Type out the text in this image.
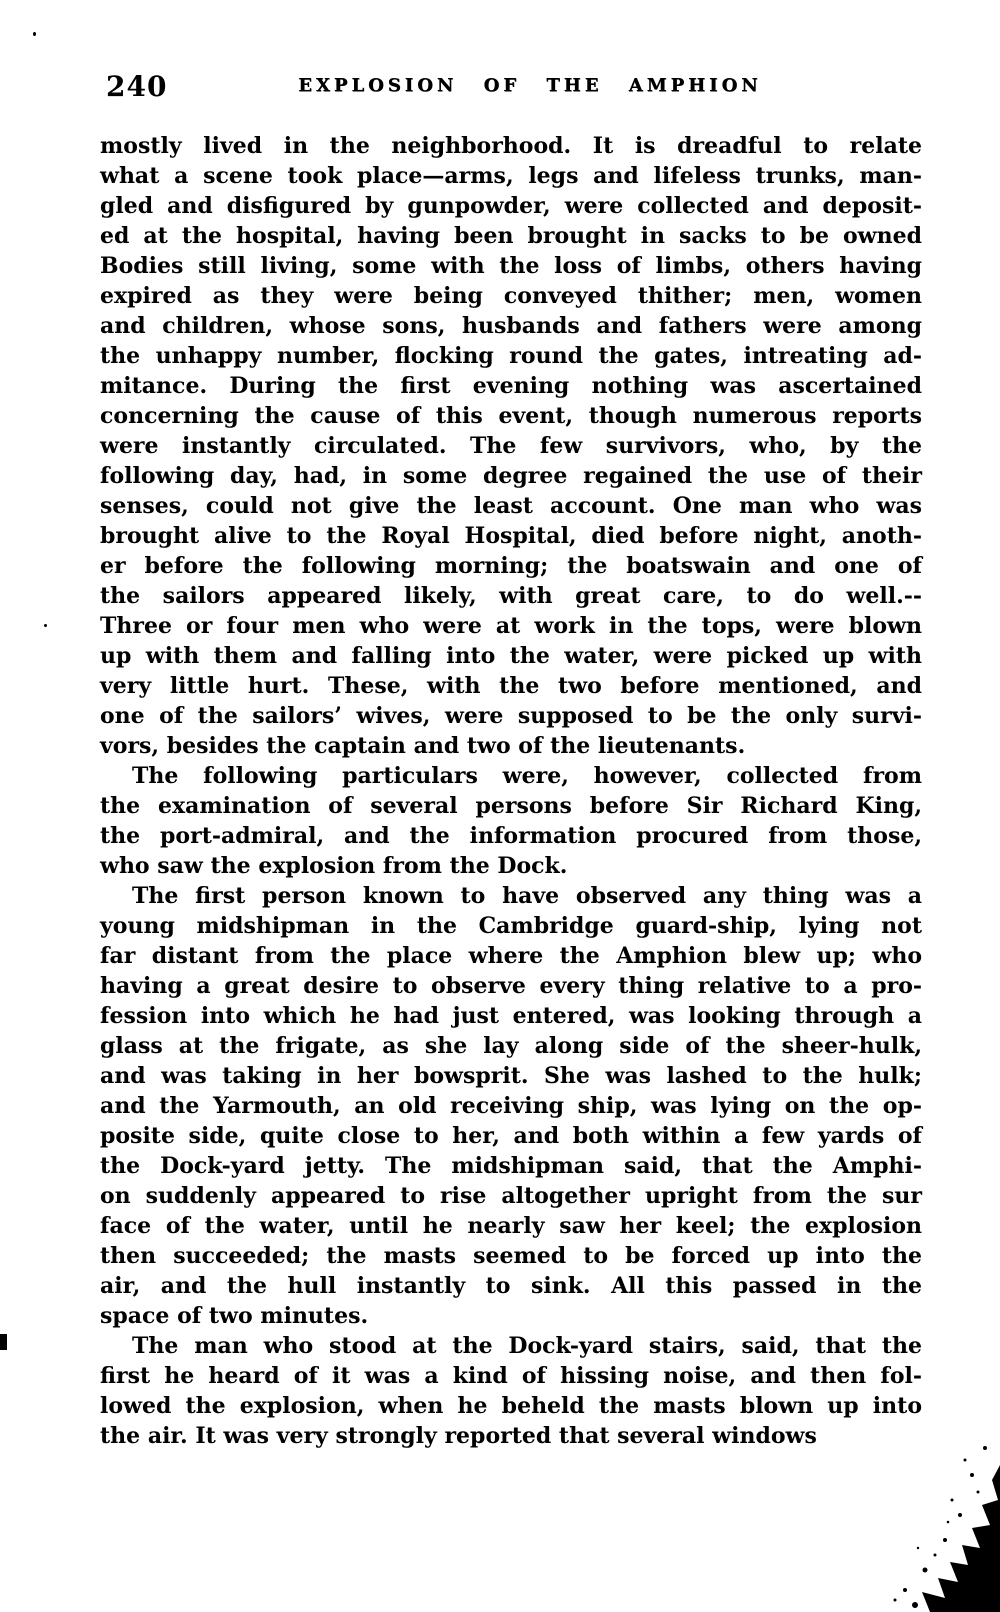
240	EXPLOSION OF THE AMPHION
mostly lived in the neighborhood. It is dreadful to relate
what a scene took place—arms, legs and lifeless trunks, man-
gled and disfigured by gunpowder, were collected and deposit-
ed at the hospital, having been brought in sacks to be owned
Bodies still living, some with the loss of limbs, others having
expired as they were being conveyed thither; men, women
and children, whose sons, husbands and fathers were among
the unhappy number, flocking round the gates, intreating ad-
mitance. During the first evening nothing was ascertained
concerning the cause of this event, though numerous reports
were instantly circulated. The few survivors, who, by the
following day, had, in some degree regained the use of their
senses, could not give the least account. One man who was
brought alive to the Royal Hospital, died before night, anoth-
er before the following morning; the boatswain and one of
the sailors appeared likely, with great care, to do well.--
Three or four men who were at work in the tops, were blown
up with them and falling into the water, were picked up with
very little hurt. These, with the two before mentioned, and
one of the sailors’ wives, were supposed to be the only survi-
vors, besides the captain and two of the lieutenants.
The following particulars were, however, collected from
the examination of several persons before Sir Richard King,
the port-admiral, and the information procured from those,
who saw the explosion from the Dock.
The first person known to have observed any thing was a
young midshipman in the Cambridge guard-ship, lying not
far distant from the place where the Amphion blew up; who
having a great desire to observe every thing relative to a pro-
fession into which he had just entered, was looking through a
glass at the frigate, as she lay along side of the sheer-hulk,
and was taking in her bowsprit. She was lashed to the hulk;
and the Yarmouth, an old receiving ship, was lying on the op-
posite side, quite close to her, and both within a few yards of
the Dock-yard jetty. The midshipman said, that the Amphi-
on suddenly appeared to rise altogether upright from the sur
face of the water, until he nearly saw her keel; the explosion
then succeeded; the masts seemed to be forced up into the
air, and the hull instantly to sink. All this passed in the
space of two minutes.
The man who stood at the Dock-yard stairs, said, that the
first he heard of it was a kind of hissing noise, and then fol-
lowed the explosion, when he beheld the masts blown up into
the air. It was very strongly reported that several windows
